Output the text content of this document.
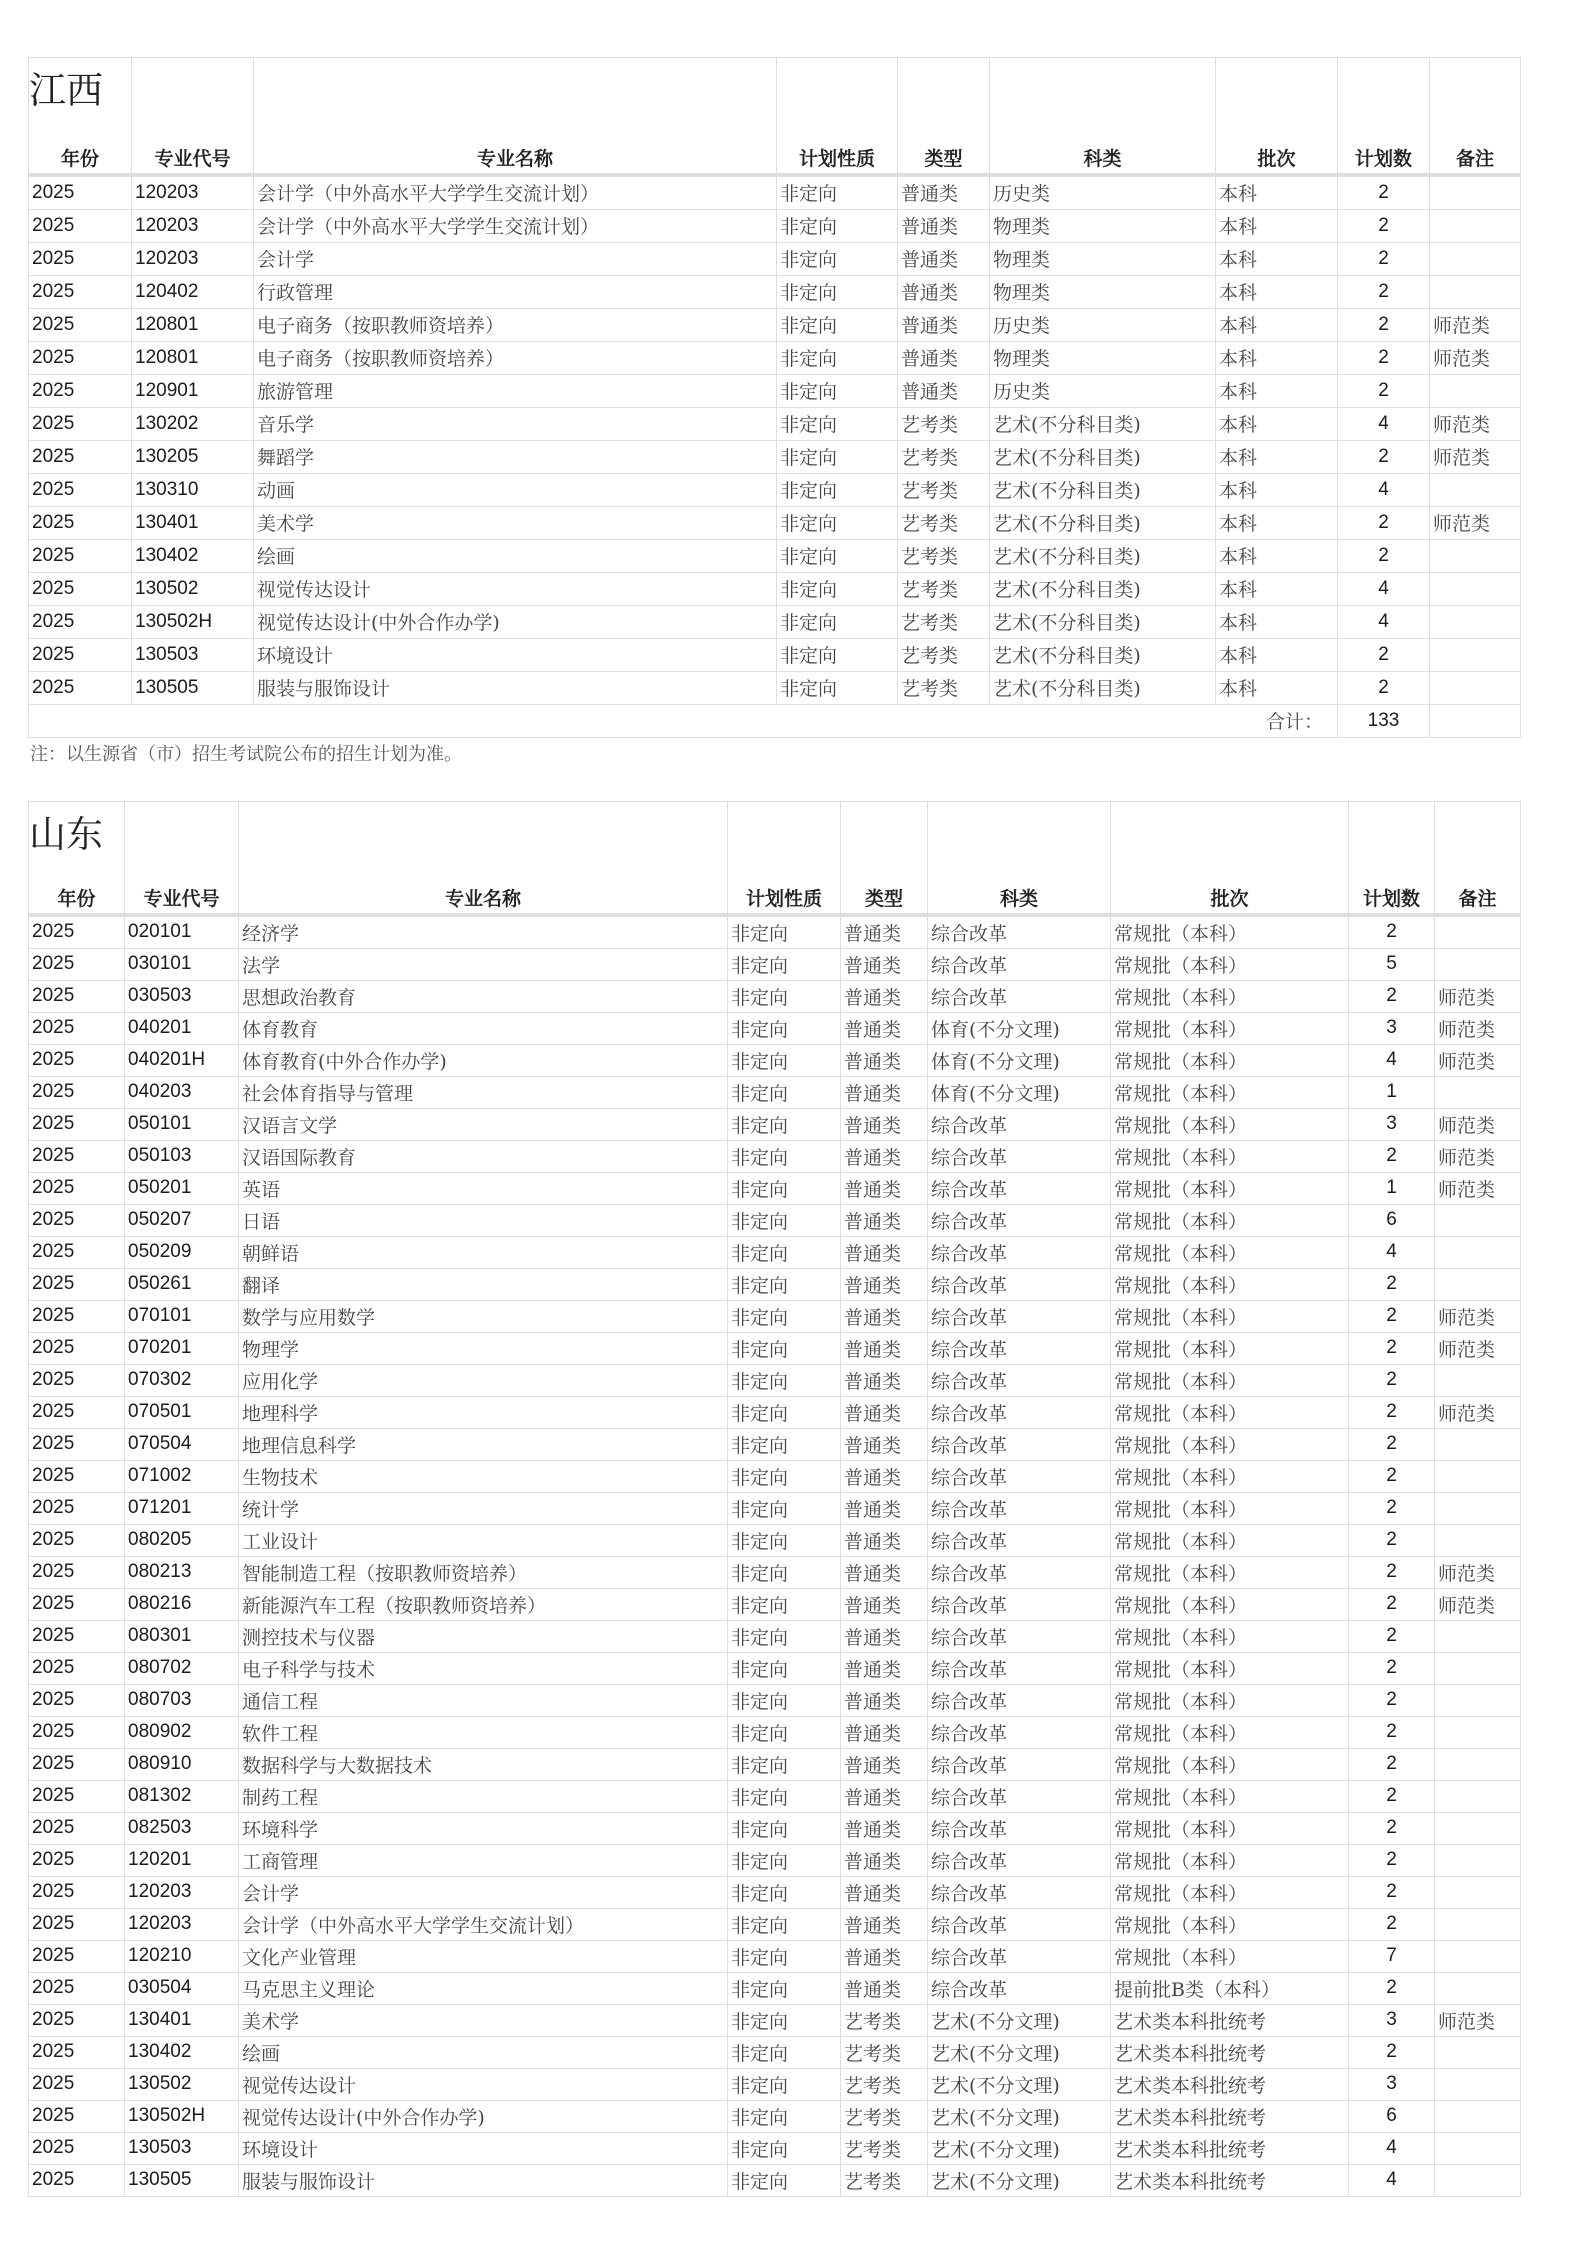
江西
年份	专业代号	专业名称	计划性质	类型	科类	批次	计划数	备注
2025	120203	会计学（中外高水平大学学生交流计划）	非定向	普通类	历史类	本科	2	
2025	120203	会计学（中外高水平大学学生交流计划）	非定向	普通类	物理类	本科	2	
2025	120203	会计学	非定向	普通类	物理类	本科	2	
2025	120402	行政管理	非定向	普通类	物理类	本科	2	
2025	120801	电子商务（按职教师资培养）	非定向	普通类	历史类	本科	2	师范类
2025	120801	电子商务（按职教师资培养）	非定向	普通类	物理类	本科	2	师范类
2025	120901	旅游管理	非定向	普通类	历史类	本科	2	
2025	130202	音乐学	非定向	艺考类	艺术(不分科目类)	本科	4	师范类
2025	130205	舞蹈学	非定向	艺考类	艺术(不分科目类)	本科	2	师范类
2025	130310	动画	非定向	艺考类	艺术(不分科目类)	本科	4	
2025	130401	美术学	非定向	艺考类	艺术(不分科目类)	本科	2	师范类
2025	130402	绘画	非定向	艺考类	艺术(不分科目类)	本科	2	
2025	130502	视觉传达设计	非定向	艺考类	艺术(不分科目类)	本科	4	
2025	130502H	视觉传达设计(中外合作办学)	非定向	艺考类	艺术(不分科目类)	本科	4	
2025	130503	环境设计	非定向	艺考类	艺术(不分科目类)	本科	2	
2025	130505	服装与服饰设计	非定向	艺考类	艺术(不分科目类)	本科	2	
合计：							133	
注：以生源省（市）招生考试院公布的招生计划为准。
山东
年份	专业代号	专业名称	计划性质	类型	科类	批次	计划数	备注
2025	020101	经济学	非定向	普通类	综合改革	常规批（本科）	2	
2025	030101	法学	非定向	普通类	综合改革	常规批（本科）	5	
2025	030503	思想政治教育	非定向	普通类	综合改革	常规批（本科）	2	师范类
2025	040201	体育教育	非定向	普通类	体育(不分文理)	常规批（本科）	3	师范类
2025	040201H	体育教育(中外合作办学)	非定向	普通类	体育(不分文理)	常规批（本科）	4	师范类
2025	040203	社会体育指导与管理	非定向	普通类	体育(不分文理)	常规批（本科）	1	
2025	050101	汉语言文学	非定向	普通类	综合改革	常规批（本科）	3	师范类
2025	050103	汉语国际教育	非定向	普通类	综合改革	常规批（本科）	2	师范类
2025	050201	英语	非定向	普通类	综合改革	常规批（本科）	1	师范类
2025	050207	日语	非定向	普通类	综合改革	常规批（本科）	6	
2025	050209	朝鲜语	非定向	普通类	综合改革	常规批（本科）	4	
2025	050261	翻译	非定向	普通类	综合改革	常规批（本科）	2	
2025	070101	数学与应用数学	非定向	普通类	综合改革	常规批（本科）	2	师范类
2025	070201	物理学	非定向	普通类	综合改革	常规批（本科）	2	师范类
2025	070302	应用化学	非定向	普通类	综合改革	常规批（本科）	2	
2025	070501	地理科学	非定向	普通类	综合改革	常规批（本科）	2	师范类
2025	070504	地理信息科学	非定向	普通类	综合改革	常规批（本科）	2	
2025	071002	生物技术	非定向	普通类	综合改革	常规批（本科）	2	
2025	071201	统计学	非定向	普通类	综合改革	常规批（本科）	2	
2025	080205	工业设计	非定向	普通类	综合改革	常规批（本科）	2	
2025	080213	智能制造工程（按职教师资培养）	非定向	普通类	综合改革	常规批（本科）	2	师范类
2025	080216	新能源汽车工程（按职教师资培养）	非定向	普通类	综合改革	常规批（本科）	2	师范类
2025	080301	测控技术与仪器	非定向	普通类	综合改革	常规批（本科）	2	
2025	080702	电子科学与技术	非定向	普通类	综合改革	常规批（本科）	2	
2025	080703	通信工程	非定向	普通类	综合改革	常规批（本科）	2	
2025	080902	软件工程	非定向	普通类	综合改革	常规批（本科）	2	
2025	080910	数据科学与大数据技术	非定向	普通类	综合改革	常规批（本科）	2	
2025	081302	制药工程	非定向	普通类	综合改革	常规批（本科）	2	
2025	082503	环境科学	非定向	普通类	综合改革	常规批（本科）	2	
2025	120201	工商管理	非定向	普通类	综合改革	常规批（本科）	2	
2025	120203	会计学	非定向	普通类	综合改革	常规批（本科）	2	
2025	120203	会计学（中外高水平大学学生交流计划）	非定向	普通类	综合改革	常规批（本科）	2	
2025	120210	文化产业管理	非定向	普通类	综合改革	常规批（本科）	7	
2025	030504	马克思主义理论	非定向	普通类	综合改革	提前批B类（本科）	2	
2025	130401	美术学	非定向	艺考类	艺术(不分文理)	艺术类本科批统考	3	师范类
2025	130402	绘画	非定向	艺考类	艺术(不分文理)	艺术类本科批统考	2	
2025	130502	视觉传达设计	非定向	艺考类	艺术(不分文理)	艺术类本科批统考	3	
2025	130502H	视觉传达设计(中外合作办学)	非定向	艺考类	艺术(不分文理)	艺术类本科批统考	6	
2025	130503	环境设计	非定向	艺考类	艺术(不分文理)	艺术类本科批统考	4	
2025	130505	服装与服饰设计	非定向	艺考类	艺术(不分文理)	艺术类本科批统考	4	
